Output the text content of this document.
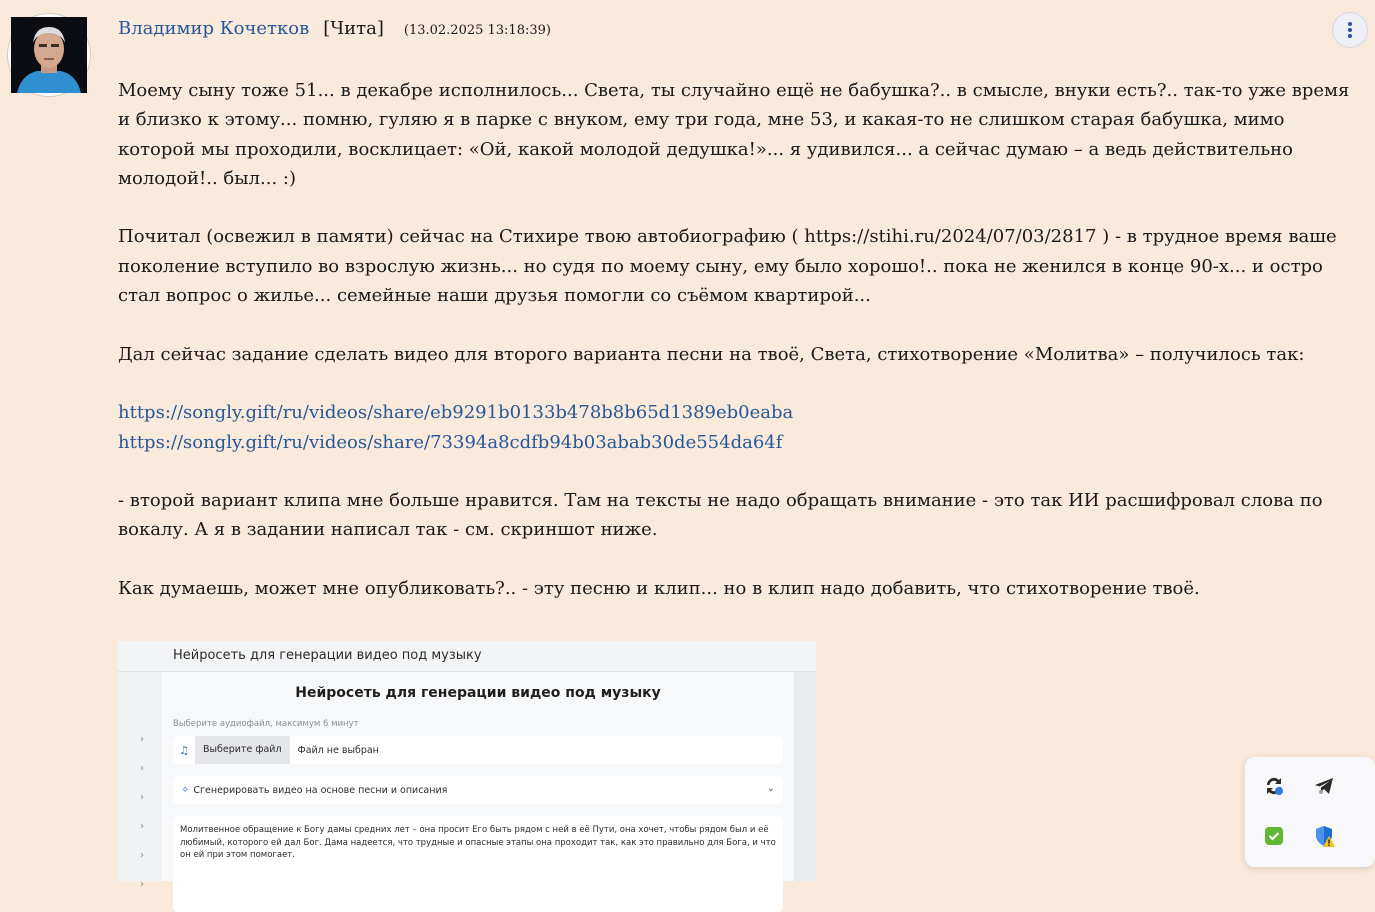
Владимир Кочетков [Чита] (13.02.2025 13:18:39)

Моему сыну тоже 51... в декабре исполнилось... Света, ты случайно ещё не бабушка?.. в смысле, внуки есть?.. так-то уже время и близко к этому... помню, гуляю я в парке с внуком, ему три года, мне 53, и какая-то не слишком старая бабушка, мимо которой мы проходили, восклицает: «Ой, какой молодой дедушка!»... я удивился... а сейчас думаю – а ведь действительно молодой!.. был... :)

Почитал (освежил в памяти) сейчас на Стихире твою автобиографию ( https://stihi.ru/2024/07/03/2817 ) - в трудное время ваше поколение вступило во взрослую жизнь... но судя по моему сыну, ему было хорошо!.. пока не женился в конце 90-х... и остро стал вопрос о жилье... семейные наши друзья помогли со съёмом квартирой...

Дал сейчас задание сделать видео для второго варианта песни на твоё, Света, стихотворение «Молитва» – получилось так:

https://songly.gift/ru/videos/share/eb9291b0133b478b8b65d1389eb0eaba
https://songly.gift/ru/videos/share/73394a8cdfb94b03abab30de554da64f

- второй вариант клипа мне больше нравится. Там на тексты не надо обращать внимание - это так ИИ расшифровал слова по вокалу. А я в задании написал так - см. скриншот ниже.

Как думаешь, может мне опубликовать?.. - эту песню и клип... но в клип надо добавить, что стихотворение твоё.

Нейросеть для генерации видео под музыку
›
›
›
›
›
›
Нейросеть для генерации видео под музыку
Выберите аудиофайл, максимум 6 минут
♫	Выберите файл	Файл не выбран
✧ Сгенерировать видео на основе песни и описания	⌄
Молитвенное обращение к Богу дамы средних лет – она просит Его быть рядом с ней в её Пути, она хочет, чтобы рядом был и её любимый, которого ей дал Бог. Дама надеется, что трудные и опасные этапы она проходит так, как это правильно для Бога, и что он ей при этом помогает.
